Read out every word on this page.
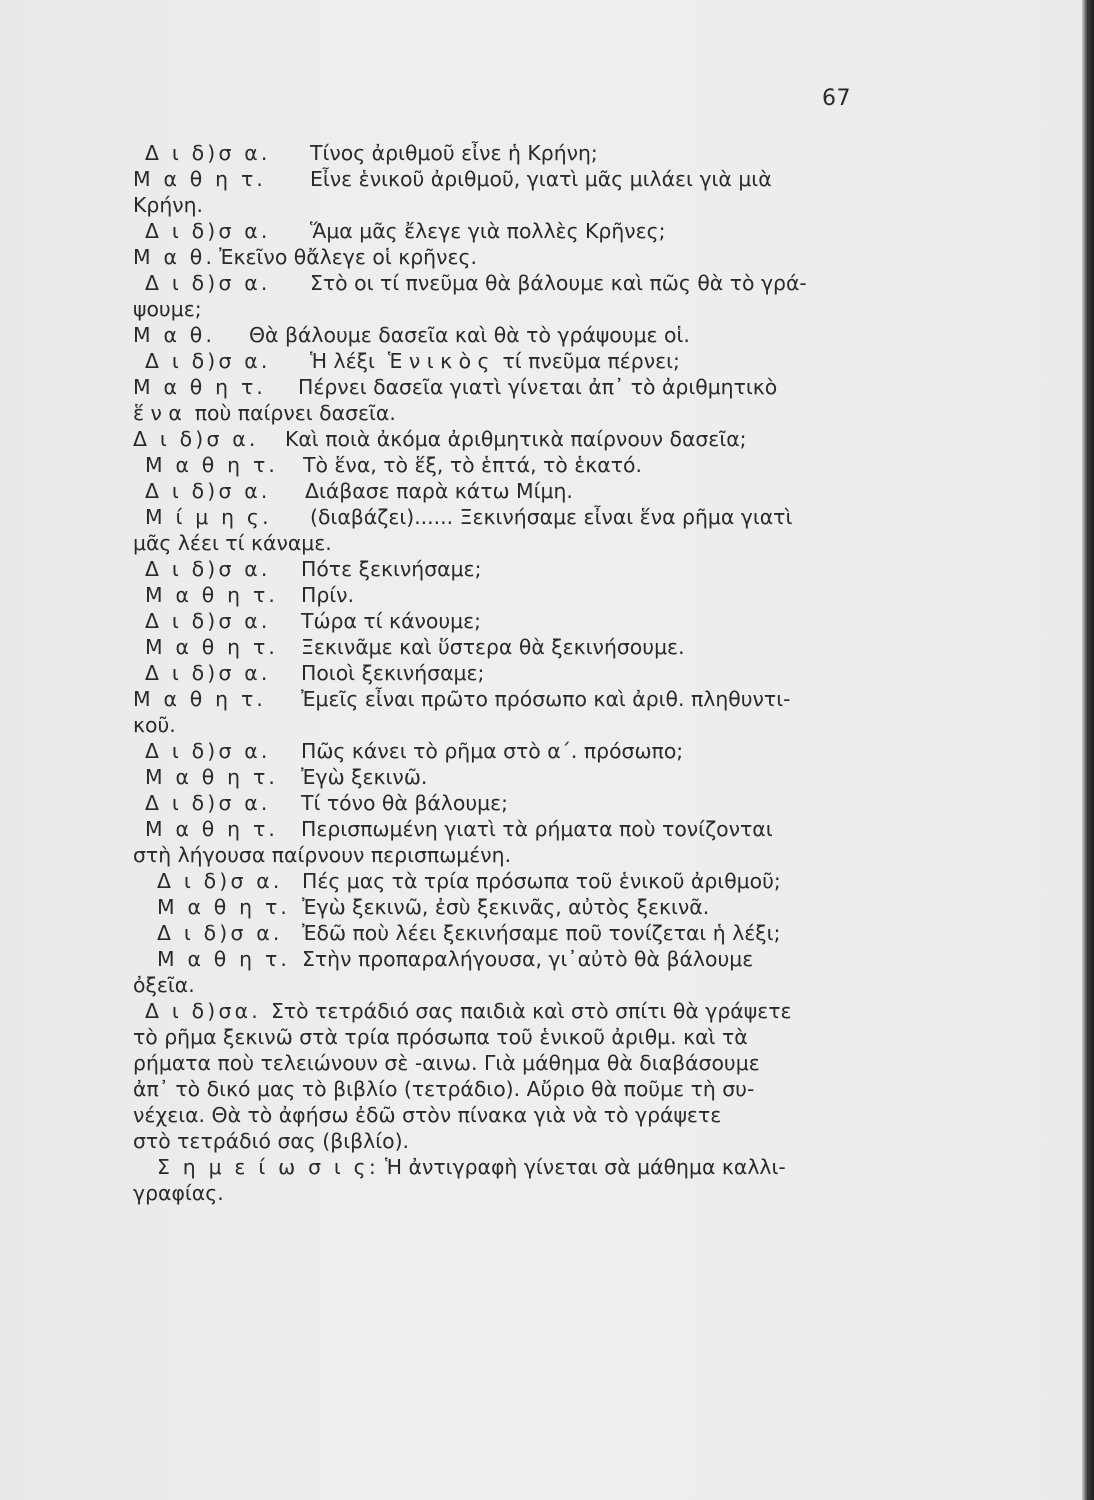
67
Δ ι δ)σ α. Τίνος ἀριθμοῦ εἶνε ἡ Κρήνη;
Μ α θ η τ. Εἶνε ἑνικοῦ ἀριθμοῦ, γιατὶ μᾶς μιλάει γιὰ μιὰ
Κρήνη.
Δ ι δ)σ α. Ἅμα μᾶς ἔλεγε γιὰ πολλὲς Κρῆνες;
Μ α θ. Ἐκεῖνο θἄλεγε οἱ κρῆνες.
Δ ι δ)σ α. Στὸ οι τί πνεῦμα θὰ βάλουμε καὶ πῶς θὰ τὸ γρά-
ψουμε;
Μ α θ. Θὰ βάλουμε δασεῖα καὶ θὰ τὸ γράψουμε οἱ.
Δ ι δ)σ α. Ἡ λέξι  Ἑ ν ι κ ὸ ς  τί πνεῦμα πέρνει;
Μ α θ η τ. Πέρνει δασεῖα γιατὶ γίνεται ἀπ᾿ τὸ ἀριθμητικὸ
ἕ ν α  ποὺ παίρνει δασεῖα.
Δ ι δ)σ α. Καὶ ποιὰ ἀκόμα ἀριθμητικὰ παίρνουν δασεῖα;
Μ α θ η τ. Τὸ ἕνα, τὸ ἕξ, τὸ ἑπτά, τὸ ἑκατό.
Δ ι δ)σ α. Διάβασε παρὰ κάτω Μίμη.
Μ ί μ η ς. (διαβάζει)...... Ξεκινήσαμε εἶναι ἕνα ρῆμα γιατὶ
μᾶς λέει τί κάναμε.
Δ ι δ)σ α. Πότε ξεκινήσαμε;
Μ α θ η τ. Πρίν.
Δ ι δ)σ α. Τώρα τί κάνουμε;
Μ α θ η τ. Ξεκινᾶμε καὶ ὕστερα θὰ ξεκινήσουμε.
Δ ι δ)σ α. Ποιοὶ ξεκινήσαμε;
Μ α θ η τ. Ἐμεῖς εἶναι πρῶτο πρόσωπο καὶ ἀριθ. πληθυντι-
κοῦ.
Δ ι δ)σ α. Πῶς κάνει τὸ ρῆμα στὸ α΄. πρόσωπο;
Μ α θ η τ. Ἐγὼ ξεκινῶ.
Δ ι δ)σ α. Τί τόνο θὰ βάλουμε;
Μ α θ η τ. Περισπωμένη γιατὶ τὰ ρήματα ποὺ τονίζονται
στὴ λήγουσα παίρνουν περισπωμένη.
Δ ι δ)σ α. Πές μας τὰ τρία πρόσωπα τοῦ ἑνικοῦ ἀριθμοῦ;
Μ α θ η τ. Ἐγὼ ξεκινῶ, ἐσὺ ξεκινᾶς, αὐτὸς ξεκινᾶ.
Δ ι δ)σ α. Ἐδῶ ποὺ λέει ξεκινήσαμε ποῦ τονίζεται ἡ λέξι;
Μ α θ η τ. Στὴν προπαραλήγουσα, γι᾿αὐτὸ θὰ βάλουμε
ὀξεῖα.
Δ ι δ)σα. Στὸ τετράδιό σας παιδιὰ καὶ στὸ σπίτι θὰ γράψετε
τὸ ρῆμα ξεκινῶ στὰ τρία πρόσωπα τοῦ ἑνικοῦ ἀριθμ. καὶ τὰ
ρήματα ποὺ τελειώνουν σὲ -αινω. Γιὰ μάθημα θὰ διαβάσουμε
ἀπ᾿ τὸ δικό μας τὸ βιβλίο (τετράδιο). Αὔριο θὰ ποῦμε τὴ συ-
νέχεια. Θὰ τὸ ἀφήσω ἐδῶ στὸν πίνακα γιὰ νὰ τὸ γράψετε
στὸ τετράδιό σας (βιβλίο).
Σ η μ ε ί ω σ ι ς: Ἡ ἀντιγραφὴ γίνεται σὰ μάθημα καλλι-
γραφίας.
